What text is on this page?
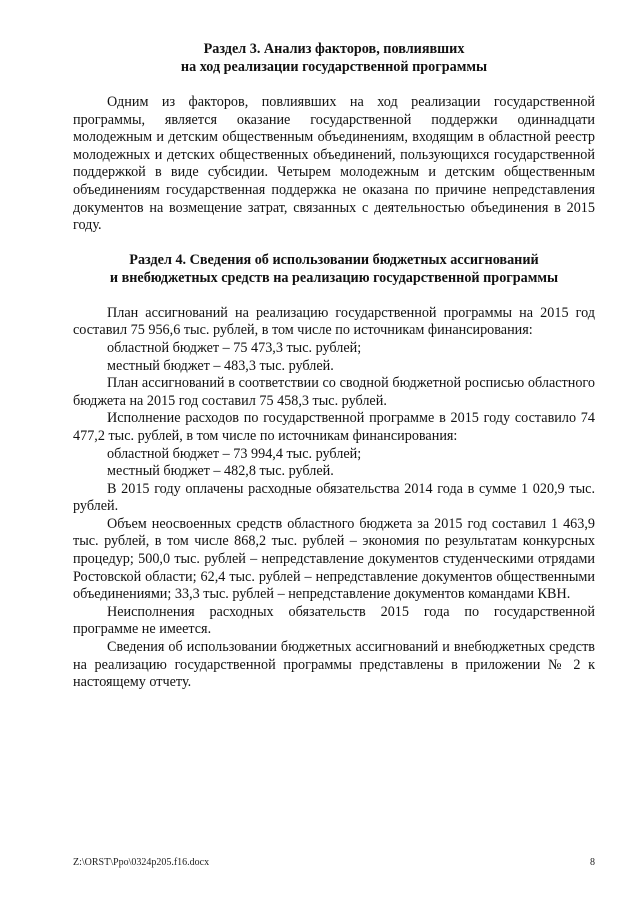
Раздел 3. Анализ факторов, повлиявших
на ход реализации государственной программы

Одним из факторов, повлиявших на ход реализации государственной программы, является оказание государственной поддержки одиннадцати молодежным и детским общественным объединениям, входящим в областной реестр молодежных и детских общественных объединений, пользующихся государственной поддержкой в виде субсидии. Четырем молодежным и детским общественным объединениям государственная поддержка не оказана по причине непредставления документов на возмещение затрат, связанных с деятельностью объединения в 2015 году.

Раздел 4. Сведения об использовании бюджетных ассигнований
и внебюджетных средств на реализацию государственной программы

План ассигнований на реализацию государственной программы на 2015 год составил 75 956,6 тыс. рублей, в том числе по источникам финансирования:

областной бюджет – 75 473,3 тыс. рублей;

местный бюджет – 483,3 тыс. рублей.

План ассигнований в соответствии со сводной бюджетной росписью областного бюджета на 2015 год составил 75 458,3 тыс. рублей.

Исполнение расходов по государственной программе в 2015 году составило 74 477,2 тыс. рублей, в том числе по источникам финансирования:

областной бюджет – 73 994,4 тыс. рублей;

местный бюджет – 482,8 тыс. рублей.

В 2015 году оплачены расходные обязательства 2014 года в сумме 1 020,9 тыс. рублей.

Объем неосвоенных средств областного бюджета за 2015 год составил 1 463,9 тыс. рублей, в том числе 868,2 тыс. рублей – экономия по результатам конкурсных процедур; 500,0 тыс. рублей – непредставление документов студенческими отрядами Ростовской области; 62,4 тыс. рублей – непредставление документов общественными объединениями; 33,3 тыс. рублей – непредставление документов командами КВН.

Неисполнения расходных обязательств 2015 года по государственной программе не имеется.

Сведения об использовании бюджетных ассигнований и внебюджетных средств на реализацию государственной программы представлены в приложении № 2 к настоящему отчету.

Z:\ORST\Ppo\0324p205.f16.docx	8
